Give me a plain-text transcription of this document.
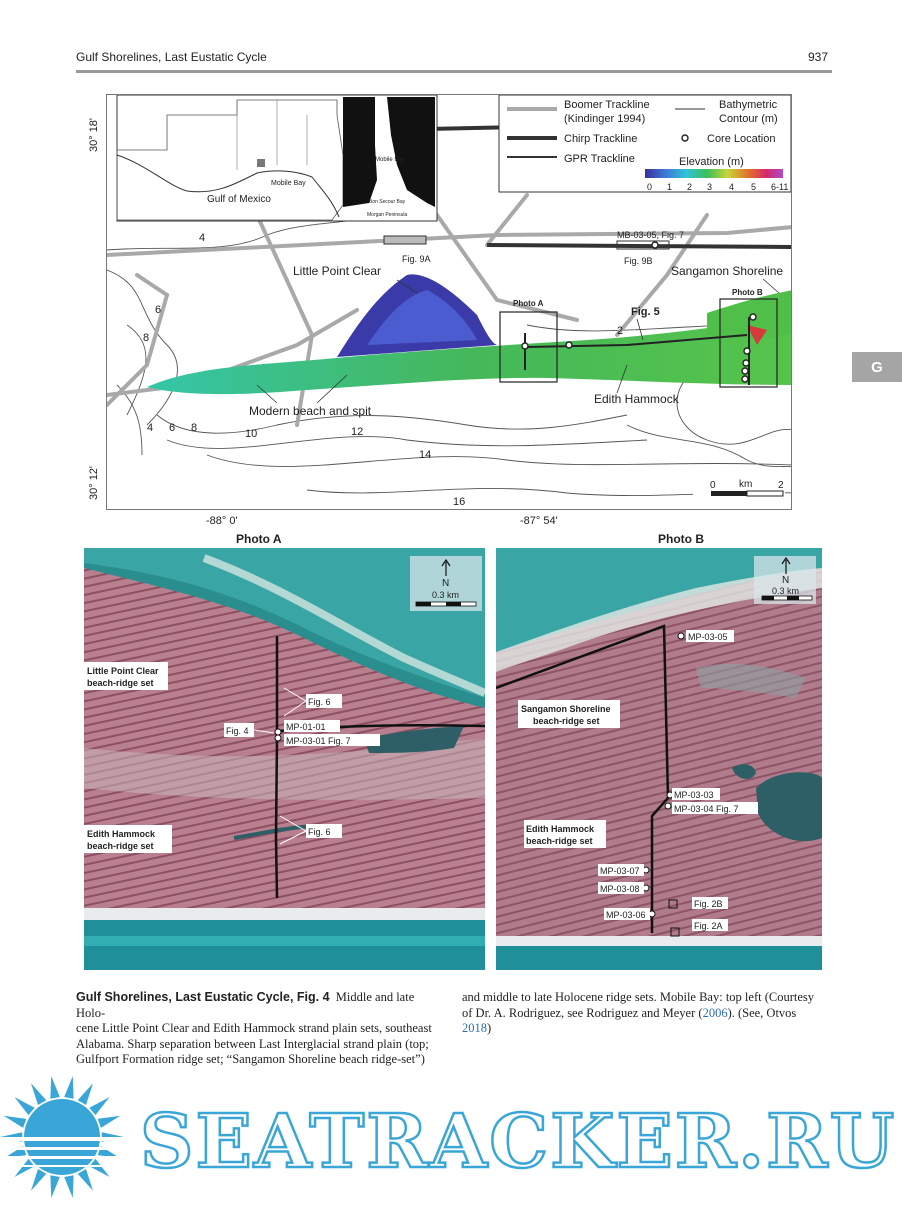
Gulf Shorelines, Last Eustatic Cycle	937
G
30° 18'
30° 12'
-88° 0'	-87° 54'
Gulf of Mexico
Mobile Bay
Mobile Bay
Bon Secour Bay
Morgan Peninsula
Boomer Trackline
(Kindinger 1994)
Bathymetric
Contour (m)
Chirp Trackline	Core Location
GPR Trackline	Elevation (m)
0 1 2 3 4 5 6-11
4
6
8
2
4 6 8	10	12
14
16
Fig. 9A
MB-03-05, Fig. 7
Fig. 9B
Little Point Clear	Sangamon Shoreline
Photo A
Photo B
Fig. 5
Edith Hammock
Modern beach and spit
0 km	2
Photo A	Photo B
N
0.3 km
Little Point Clear
beach-ridge set
Edith Hammock
beach-ridge set
Fig. 6
Fig. 4	MP-01-01
MP-03-01 Fig. 7
Fig. 6
N
0.3 km
Sangamon Shoreline
beach-ridge set
Edith Hammock
beach-ridge set
MP-03-05
MP-03-03
MP-03-04 Fig. 7
MP-03-07
MP-03-08
MP-03-06
Fig. 2B
Fig. 2A
Gulf Shorelines, Last Eustatic Cycle, Fig. 4 Middle and late Holo-
cene Little Point Clear and Edith Hammock strand plain sets, southeast
Alabama. Sharp separation between Last Interglacial strand plain (top;
Gulfport Formation ridge set; “Sangamon Shoreline beach ridge-set”)
and middle to late Holocene ridge sets. Mobile Bay: top left (Courtesy
of Dr. A. Rodriguez, see Rodriguez and Meyer (2006). (See, Otvos
2018)
SEATRACKER.RU
